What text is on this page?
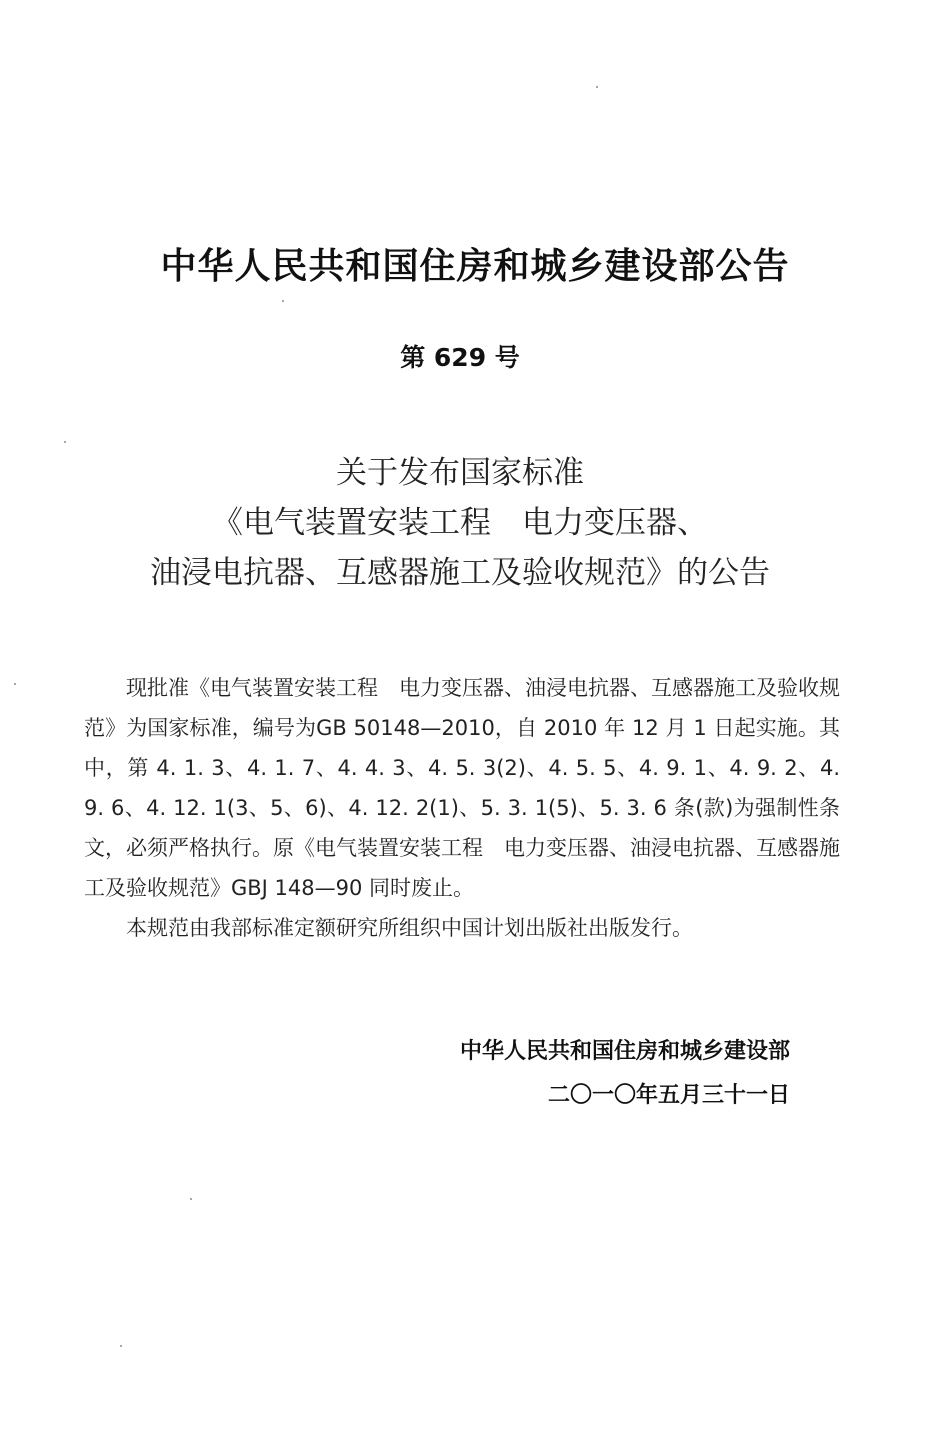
中华人民共和国住房和城乡建设部公告
第 629 号
关于发布国家标准
《电气装置安装工程　电力变压器、
油浸电抗器、互感器施工及验收规范》的公告

现批准《电气装置安装工程　电力变压器、油浸电抗器、互感器施工及验收规范》为国家标准，编号为GB 50148—2010，自 2010 年 12 月 1 日起实施。其中，第 4. 1. 3、4. 1. 7、4. 4. 3、4. 5. 3(2)、4. 5. 5、4. 9. 1、4. 9. 2、4. 9. 6、4. 12. 1(3、5、6)、4. 12. 2(1)、5. 3. 1(5)、5. 3. 6 条(款)为强制性条文，必须严格执行。原《电气装置安装工程　电力变压器、油浸电抗器、互感器施工及验收规范》GBJ 148—90 同时废止。

本规范由我部标准定额研究所组织中国计划出版社出版发行。

中华人民共和国住房和城乡建设部
二〇一〇年五月三十一日
